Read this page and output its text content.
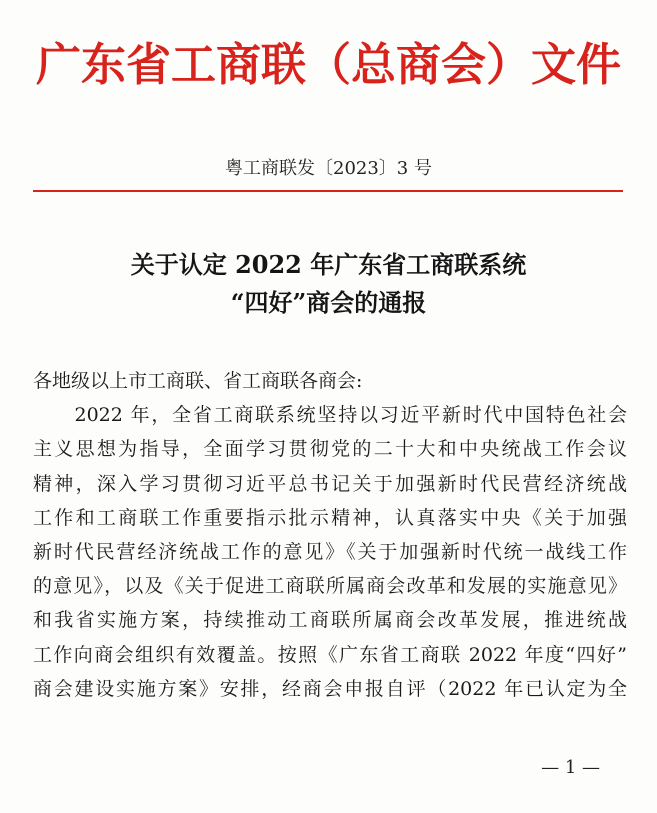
广东省工商联（总商会）文件
粤工商联发〔2023〕3 号
关于认定 2022 年广东省工商联系统
“四好”商会的通报
各地级以上市工商联、省工商联各商会:
　　2022 年，全省工商联系统坚持以习近平新时代中国特色社会
主义思想为指导，全面学习贯彻党的二十大和中央统战工作会议
精神，深入学习贯彻习近平总书记关于加强新时代民营经济统战
工作和工商联工作重要指示批示精神，认真落实中央《关于加强
新时代民营经济统战工作的意见》《关于加强新时代统一战线工作
的意见》，以及《关于促进工商联所属商会改革和发展的实施意见》
和我省实施方案，持续推动工商联所属商会改革发展，推进统战
工作向商会组织有效覆盖。按照《广东省工商联 2022 年度“四好”
商会建设实施方案》安排，经商会申报自评（2022 年已认定为全
— 1 —
